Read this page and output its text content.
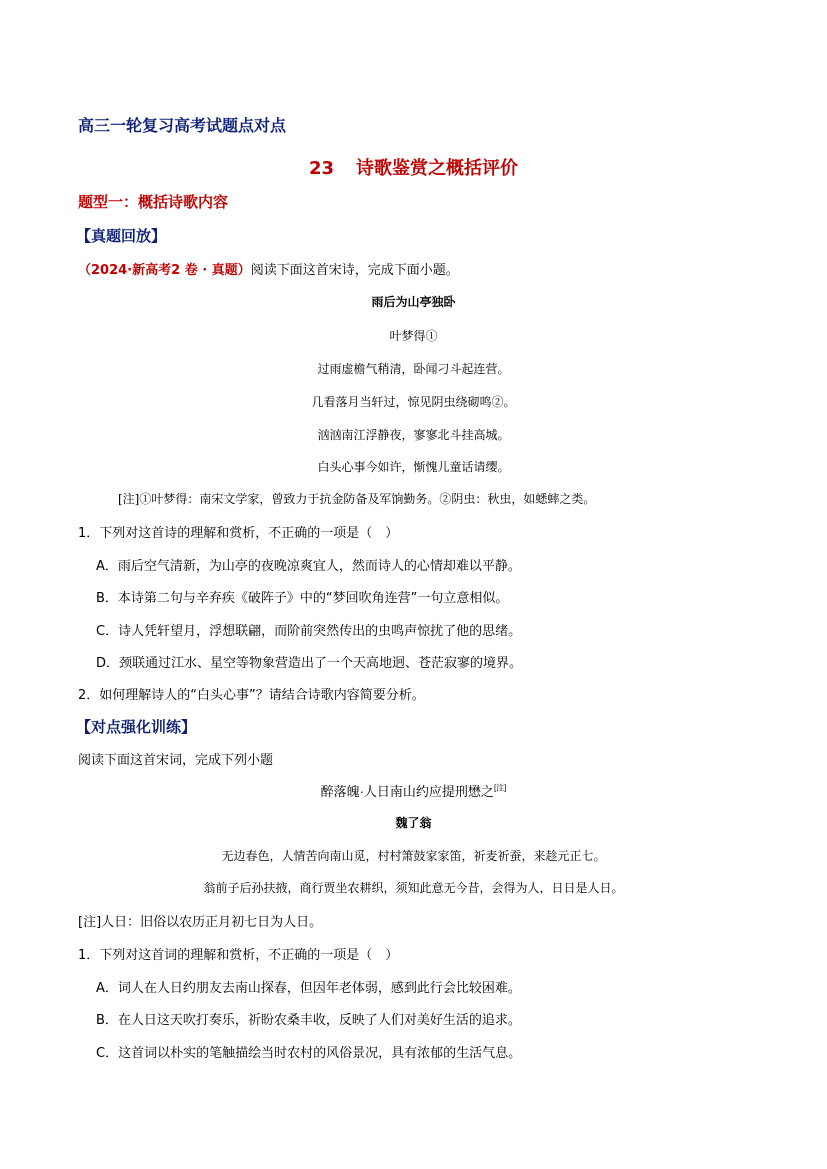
高三一轮复习高考试题点对点
23 诗歌鉴赏之概括评价
题型一：概括诗歌内容
【真题回放】
（2024·新高考2 卷 · 真题）阅读下面这首宋诗，完成下面小题。
雨后为山亭独卧
叶梦得①
过雨虚檐气稍清，卧闻刁斗起连营。
几看落月当轩过，惊见阴虫绕砌鸣②。
汹汹南江浮静夜，寥寥北斗挂高城。
白头心事今如许，惭愧儿童话请缨。
[注]①叶梦得：南宋文学家，曾致力于抗金防备及军饷勤务。②阴虫：秋虫，如蟋蟀之类。
1．下列对这首诗的理解和赏析，不正确的一项是（　）
A．雨后空气清新，为山亭的夜晚凉爽宜人，然而诗人的心情却难以平静。
B．本诗第二句与辛弃疾《破阵子》中的“梦回吹角连营”一句立意相似。
C．诗人凭轩望月，浮想联翩，而阶前突然传出的虫鸣声惊扰了他的思绪。
D．颈联通过江水、星空等物象营造出了一个天高地迥、苍茫寂寥的境界。
2．如何理解诗人的“白头心事”？请结合诗歌内容简要分析。
【对点强化训练】
阅读下面这首宋词，完成下列小题
醉落魄·人日南山约应提刑懋之[注]
魏了翁
无边春色，人情苦向南山觅，村村箫鼓家家笛，祈麦祈蚕，来趁元正七。
翁前子后孙扶掖，商行贾坐农耕织，须知此意无今昔，会得为人，日日是人日。
[注]人日：旧俗以农历正月初七日为人日。
1．下列对这首词的理解和赏析，不正确的一项是（　）
A．词人在人日约朋友去南山探春，但因年老体弱，感到此行会比较困难。
B．在人日这天吹打奏乐，祈盼农桑丰收，反映了人们对美好生活的追求。
C．这首词以朴实的笔触描绘当时农村的风俗景况，具有浓郁的生活气息。
